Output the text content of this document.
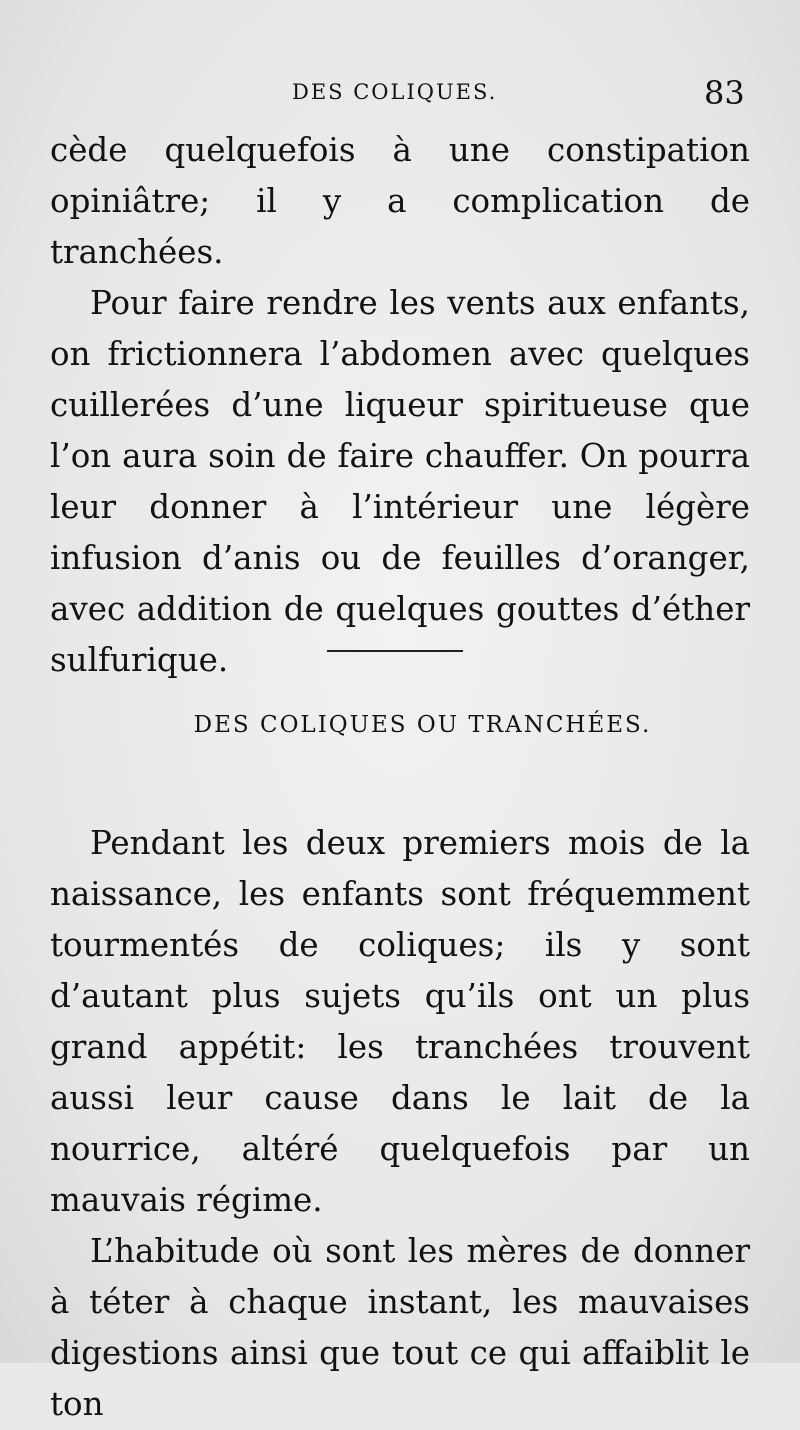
DES COLIQUES.	83

cède quelquefois à une constipation opiniâtre; il y a complication de tranchées.

Pour faire rendre les vents aux enfants, on frictionnera l’abdomen avec quelques cuillerées d’une liqueur spiritueuse que l’on aura soin de faire chauffer. On pourra leur donner à l’intérieur une légère infusion d’anis ou de feuilles d’oranger, avec addition de quelques gouttes d’éther sulfurique.

DES COLIQUES OU TRANCHÉES.

Pendant les deux premiers mois de la naissance, les enfants sont fréquemment tourmentés de coliques; ils y sont d’autant plus sujets qu’ils ont un plus grand appétit: les tranchées trouvent aussi leur cause dans le lait de la nourrice, altéré quelquefois par un mauvais régime.

L’habitude où sont les mères de donner à téter à chaque instant, les mauvaises digestions ainsi que tout ce qui affaiblit le ton
